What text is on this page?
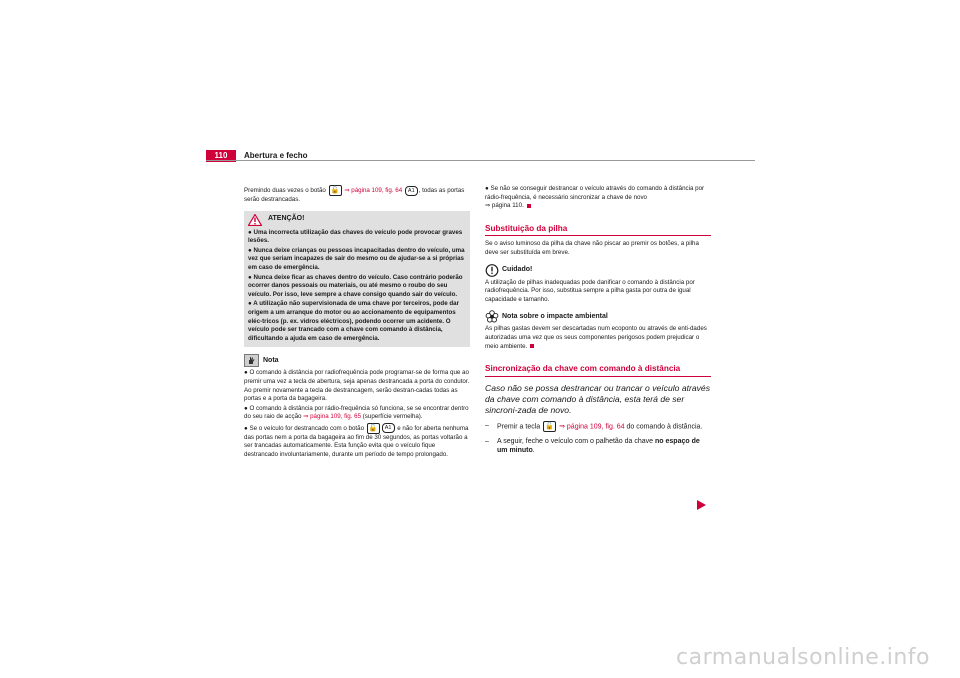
110	Abertura e fecho

Premindo duas vezes o botão 🔓 ⇒ página 109, fig. 64 A1 , todas as portas serão destrancadas.

ATENÇÃO!

● Uma incorrecta utilização das chaves do veículo pode provocar graves lesões.

● Nunca deixe crianças ou pessoas incapacitadas dentro do veículo, uma vez que seriam incapazes de sair do mesmo ou de ajudar-se a si próprias em caso de emergência.

● Nunca deixe ficar as chaves dentro do veículo. Caso contrário poderão ocorrer danos pessoais ou materiais, ou até mesmo o roubo do seu veículo. Por isso, leve sempre a chave consigo quando sair do veículo.

● A utilização não supervisionada de uma chave por terceiros, pode dar origem a um arranque do motor ou ao accionamento de equipamentos eléc-tricos (p. ex. vidros eléctricos), podendo ocorrer um acidente. O veículo pode ser trancado com a chave com comando à distância, dificultando a ajuda em caso de emergência.

Nota

● O comando à distância por radiofrequência pode programar-se de forma que ao premir uma vez a tecla de abertura, seja apenas destrancada a porta do condutor. Ao premir novamente a tecla de destrancagem, serão destran-cadas todas as portas e a porta da bagageira.

● O comando à distância por rádio-frequência só funciona, se se encontrar dentro do seu raio de acção ⇒ página 109, fig. 65 (superfície vermelha).

● Se o veículo for destrancado com o botão 🔓 A1 e não for aberta nenhuma das portas nem a porta da bagageira ao fim de 30 segundos, as portas voltarão a ser trancadas automaticamente. Esta função evita que o veículo fique destrancado involuntariamente, durante um período de tempo prolongado.

● Se não se conseguir destrancar o veículo através do comando à distância por rádio-frequência, é necessário sincronizar a chave de novo
⇒ página 110.

Substituição da pilha

Se o aviso luminoso da pilha da chave não piscar ao premir os botões, a pilha deve ser substituída em breve.

Cuidado!

A utilização de pilhas inadequadas pode danificar o comando à distância por radiofrequência. Por isso, substitua sempre a pilha gasta por outra de igual capacidade e tamanho.

Nota sobre o impacte ambiental

As pilhas gastas devem ser descartadas num ecoponto ou através de enti-dades autorizadas uma vez que os seus componentes perigosos podem prejudicar o meio ambiente.

Sincronização da chave com comando à distância

Caso não se possa destrancar ou trancar o veículo através da chave com comando à distância, esta terá de ser sincroni-zada de novo.

–	Premir a tecla 🔓 ⇒ página 109, fig. 64 do comando à distância.
–	A seguir, feche o veículo com o palhetão da chave no espaço de um minuto.
carmanualsonline.info
